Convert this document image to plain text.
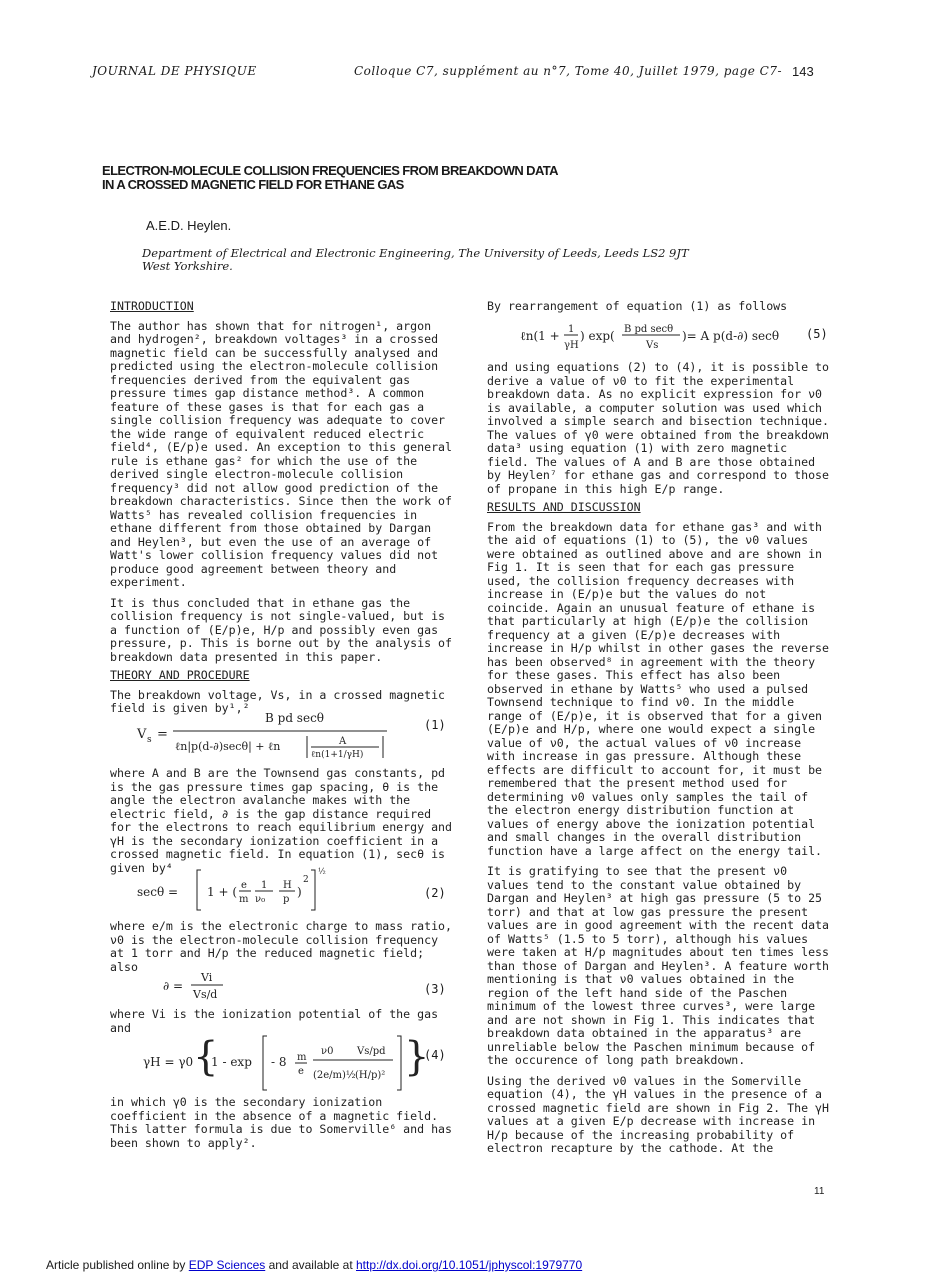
JOURNAL DE PHYSIQUE	Colloque C7, supplément au n°7, Tome 40, Juillet 1979, page C7- 143
ELECTRON-MOLECULE COLLISION FREQUENCIES FROM BREAKDOWN DATA
IN A CROSSED MAGNETIC FIELD FOR ETHANE GAS
A.E.D. Heylen.
Department of Electrical and Electronic Engineering, The University of Leeds, Leeds LS2 9JT
West Yorkshire.

INTRODUCTION

The author has shown that for nitrogen¹, argon and hydrogen², breakdown voltages³ in a crossed magnetic field can be successfully analysed and predicted using the electron-molecule collision frequencies derived from the equivalent gas pressure times gap distance method³. A common feature of these gases is that for each gas a single collision frequency was adequate to cover the wide range of equivalent reduced electric field⁴, (E/p)e used. An exception to this general rule is ethane gas² for which the use of the derived single electron-molecule collision frequency³ did not allow good prediction of the breakdown characteristics. Since then the work of Watts⁵ has revealed collision frequencies in ethane different from those obtained by Dargan and Heylen³, but even the use of an average of Watt's lower collision frequency values did not produce good agreement between theory and experiment.

It is thus concluded that in ethane gas the collision frequency is not single-valued, but is a function of (E/p)e, H/p and possibly even gas pressure, p. This is borne out by the analysis of breakdown data presented in this paper.

THEORY AND PROCEDURE

The breakdown voltage, Vs, in a crossed magnetic field is given by¹,²

V s =
B pd secθ
ℓn|p(d-∂)secθ| + ℓn	A
ℓn(1+1/γH)
(1)

where A and B are the Townsend gas constants, pd is the gas pressure times gap spacing, θ is the angle the electron avalanche makes with the electric field, ∂ is the gap distance required for the electrons to reach equilibrium energy and γH is the secondary ionization coefficient in a crossed magnetic field. In equation (1), secθ is given by⁴

secθ = 1 + ( e
m
1
ν₀
H
p
)
2
½
(2)

where e/m is the electronic charge to mass ratio, ν0 is the electron-molecule collision frequency at 1 torr and H/p the reduced magnetic field; also

∂ =
Vi
Vs/d	(3)

where Vi is the ionization potential of the gas and

γH = γ0 {
1 - exp - 8 m
e
ν0 Vs/pd
(2e/m)½ (H/p)² }
(4)

in which γ0 is the secondary ionization coefficient in the absence of a magnetic field. This latter formula is due to Somerville⁶ and has been shown to apply².

By rearrangement of equation (1) as follows

ℓn(1 + 1
γH
) exp( B pd secθ
Vs
)= A p(d-∂) secθ (5)

and using equations (2) to (4), it is possible to derive a value of ν0 to fit the experimental breakdown data. As no explicit expression for ν0 is available, a computer solution was used which involved a simple search and bisection technique. The values of γ0 were obtained from the breakdown data³ using equation (1) with zero magnetic field. The values of A and B are those obtained by Heylen⁷ for ethane gas and correspond to those of propane in this high E/p range.

RESULTS AND DISCUSSION

From the breakdown data for ethane gas³ and with the aid of equations (1) to (5), the ν0 values were obtained as outlined above and are shown in Fig 1. It is seen that for each gas pressure used, the collision frequency decreases with increase in (E/p)e but the values do not coincide. Again an unusual feature of ethane is that particularly at high (E/p)e the collision frequency at a given (E/p)e decreases with increase in H/p whilst in other gases the reverse has been observed⁸ in agreement with the theory for these gases. This effect has also been observed in ethane by Watts⁵ who used a pulsed Townsend technique to find ν0. In the middle range of (E/p)e, it is observed that for a given (E/p)e and H/p, where one would expect a single value of ν0, the actual values of ν0 increase with increase in gas pressure. Although these effects are difficult to account for, it must be remembered that the present method used for determining ν0 values only samples the tail of the electron energy distribution function at values of energy above the ionization potential and small changes in the overall distribution function have a large affect on the energy tail.

It is gratifying to see that the present ν0 values tend to the constant value obtained by Dargan and Heylen³ at high gas pressure (5 to 25 torr) and that at low gas pressure the present values are in good agreement with the recent data of Watts⁵ (1.5 to 5 torr), although his values were taken at H/p magnitudes about ten times less than those of Dargan and Heylen³. A feature worth mentioning is that ν0 values obtained in the region of the left hand side of the Paschen minimum of the lowest three curves³, were large and are not shown in Fig 1. This indicates that breakdown data obtained in the apparatus³ are unreliable below the Paschen minimum because of the occurence of long path breakdown.

Using the derived ν0 values in the Somerville equation (4), the γH values in the presence of a crossed magnetic field are shown in Fig 2. The γH values at a given E/p decrease with increase in H/p because of the increasing probability of electron recapture by the cathode. At the

11
Article published online by EDP Sciences and available at http://dx.doi.org/10.1051/jphyscol:1979770
